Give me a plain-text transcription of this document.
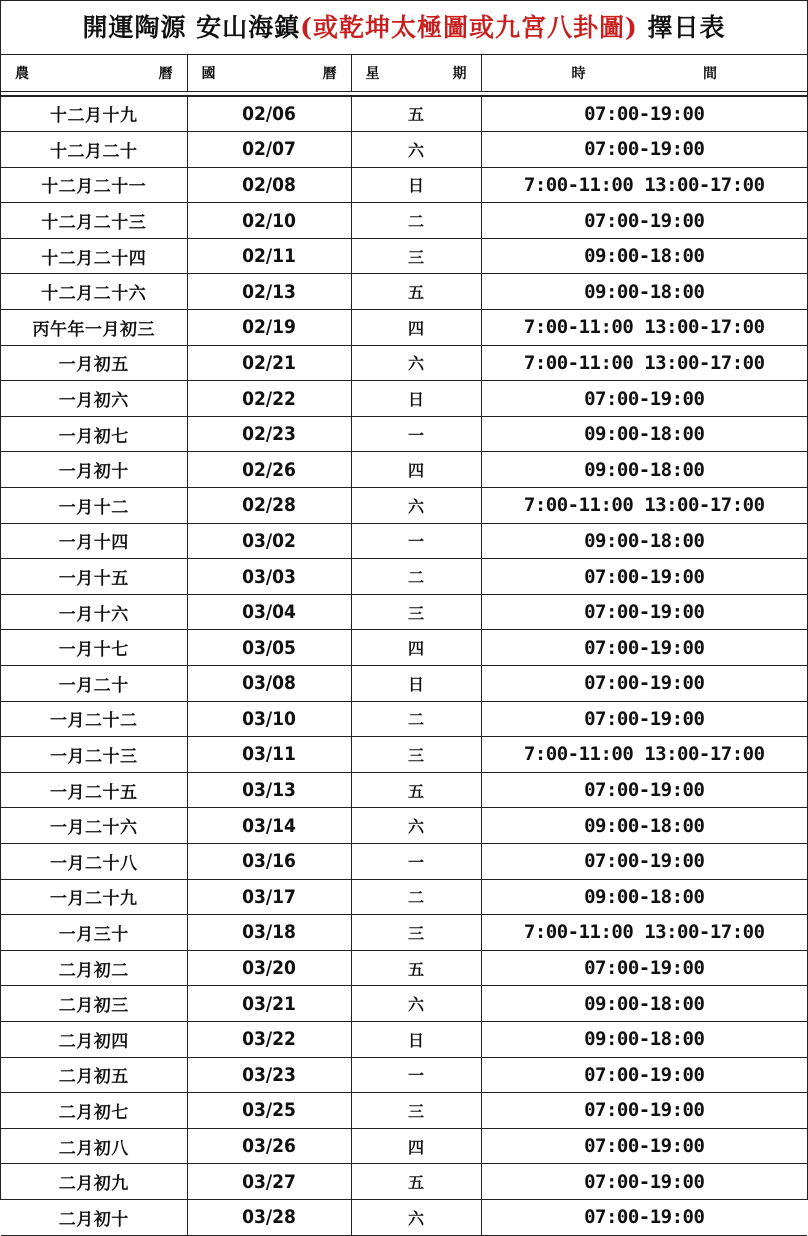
開運陶源 安山海鎮(或乾坤太極圖或九宮八卦圖) 擇日表
農 曆	國 曆	星 期	時 間

十二月十九	02/06	五	07:00-19:00
十二月二十	02/07	六	07:00-19:00
十二月二十一	02/08	日	7:00-11:00 13:00-17:00
十二月二十三	02/10	二	07:00-19:00
十二月二十四	02/11	三	09:00-18:00
十二月二十六	02/13	五	09:00-18:00
丙午年一月初三	02/19	四	7:00-11:00 13:00-17:00
一月初五	02/21	六	7:00-11:00 13:00-17:00
一月初六	02/22	日	07:00-19:00
一月初七	02/23	一	09:00-18:00
一月初十	02/26	四	09:00-18:00
一月十二	02/28	六	7:00-11:00 13:00-17:00
一月十四	03/02	一	09:00-18:00
一月十五	03/03	二	07:00-19:00
一月十六	03/04	三	07:00-19:00
一月十七	03/05	四	07:00-19:00
一月二十	03/08	日	07:00-19:00
一月二十二	03/10	二	07:00-19:00
一月二十三	03/11	三	7:00-11:00 13:00-17:00
一月二十五	03/13	五	07:00-19:00
一月二十六	03/14	六	09:00-18:00
一月二十八	03/16	一	07:00-19:00
一月二十九	03/17	二	09:00-18:00
一月三十	03/18	三	7:00-11:00 13:00-17:00
二月初二	03/20	五	07:00-19:00
二月初三	03/21	六	09:00-18:00
二月初四	03/22	日	09:00-18:00
二月初五	03/23	一	07:00-19:00
二月初七	03/25	三	07:00-19:00
二月初八	03/26	四	07:00-19:00
二月初九	03/27	五	07:00-19:00
二月初十	03/28	六	07:00-19:00
